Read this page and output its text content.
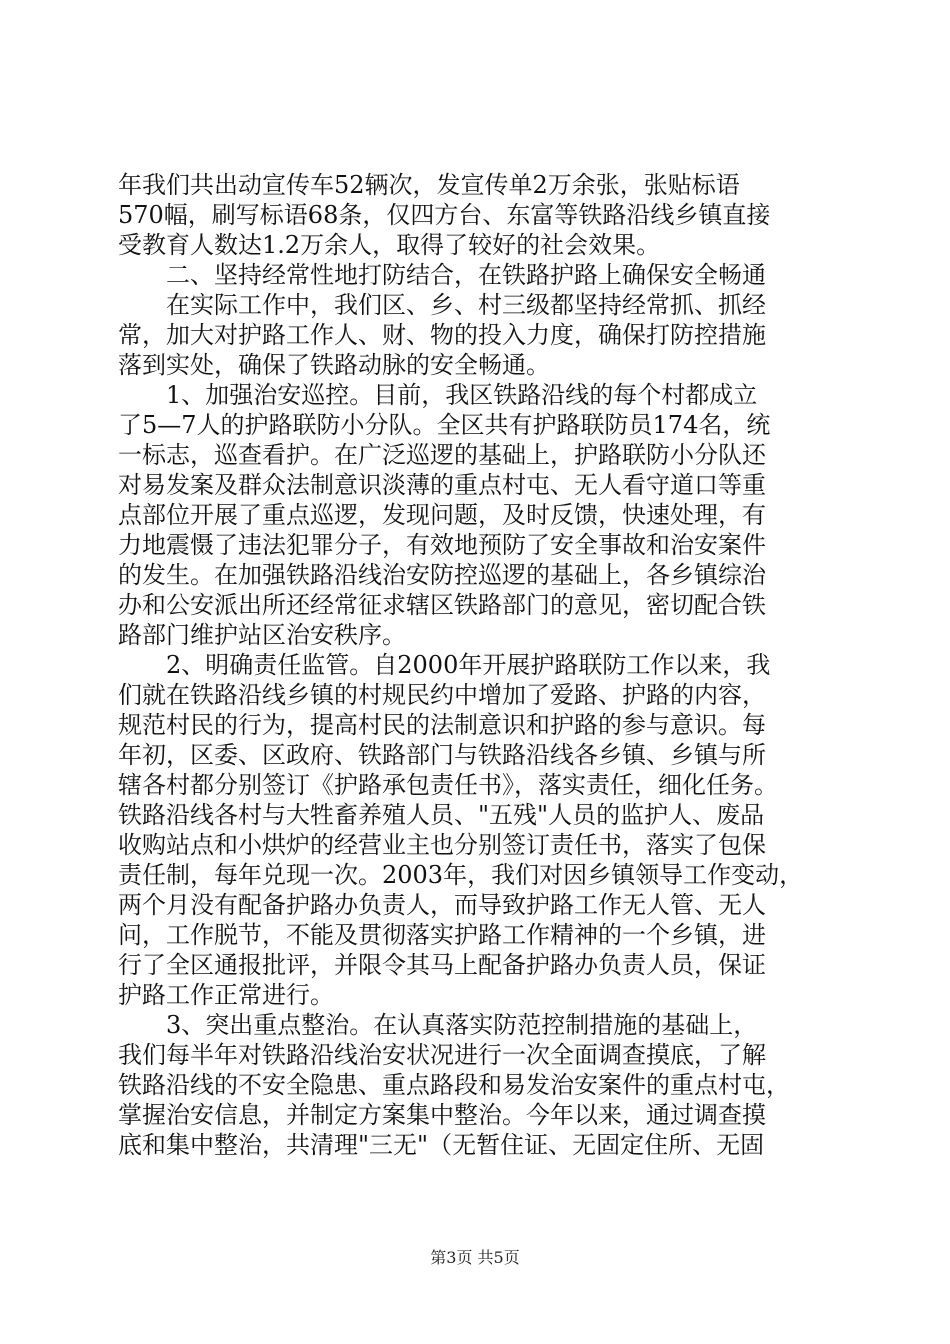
年我们共出动宣传车52辆次，发宣传单2万余张，张贴标语
570幅，刷写标语68条，仅四方台、东富等铁路沿线乡镇直接
受教育人数达1.2万余人，取得了较好的社会效果。
　　二、坚持经常性地打防结合，在铁路护路上确保安全畅通
　　在实际工作中，我们区、乡、村三级都坚持经常抓、抓经
常，加大对护路工作人、财、物的投入力度，确保打防控措施
落到实处，确保了铁路动脉的安全畅通。
　　1、加强治安巡控。目前，我区铁路沿线的每个村都成立
了5—7人的护路联防小分队。全区共有护路联防员174名，统
一标志，巡查看护。在广泛巡逻的基础上，护路联防小分队还
对易发案及群众法制意识淡薄的重点村屯、无人看守道口等重
点部位开展了重点巡逻，发现问题，及时反馈，快速处理，有
力地震慑了违法犯罪分子，有效地预防了安全事故和治安案件
的发生。在加强铁路沿线治安防控巡逻的基础上，各乡镇综治
办和公安派出所还经常征求辖区铁路部门的意见，密切配合铁
路部门维护站区治安秩序。
　　2、明确责任监管。自2000年开展护路联防工作以来，我
们就在铁路沿线乡镇的村规民约中增加了爱路、护路的内容，
规范村民的行为，提高村民的法制意识和护路的参与意识。每
年初，区委、区政府、铁路部门与铁路沿线各乡镇、乡镇与所
辖各村都分别签订《护路承包责任书》，落实责任，细化任务。
铁路沿线各村与大牲畜养殖人员、"五残"人员的监护人、废品
收购站点和小烘炉的经营业主也分别签订责任书，落实了包保
责任制，每年兑现一次。2003年，我们对因乡镇领导工作变动，
两个月没有配备护路办负责人，而导致护路工作无人管、无人
问，工作脱节，不能及贯彻落实护路工作精神的一个乡镇，进
行了全区通报批评，并限令其马上配备护路办负责人员，保证
护路工作正常进行。
　　3、突出重点整治。在认真落实防范控制措施的基础上，
我们每半年对铁路沿线治安状况进行一次全面调查摸底，了解
铁路沿线的不安全隐患、重点路段和易发治安案件的重点村屯，
掌握治安信息，并制定方案集中整治。今年以来，通过调查摸
底和集中整治，共清理"三无"（无暂住证、无固定住所、无固
第3页 共5页
